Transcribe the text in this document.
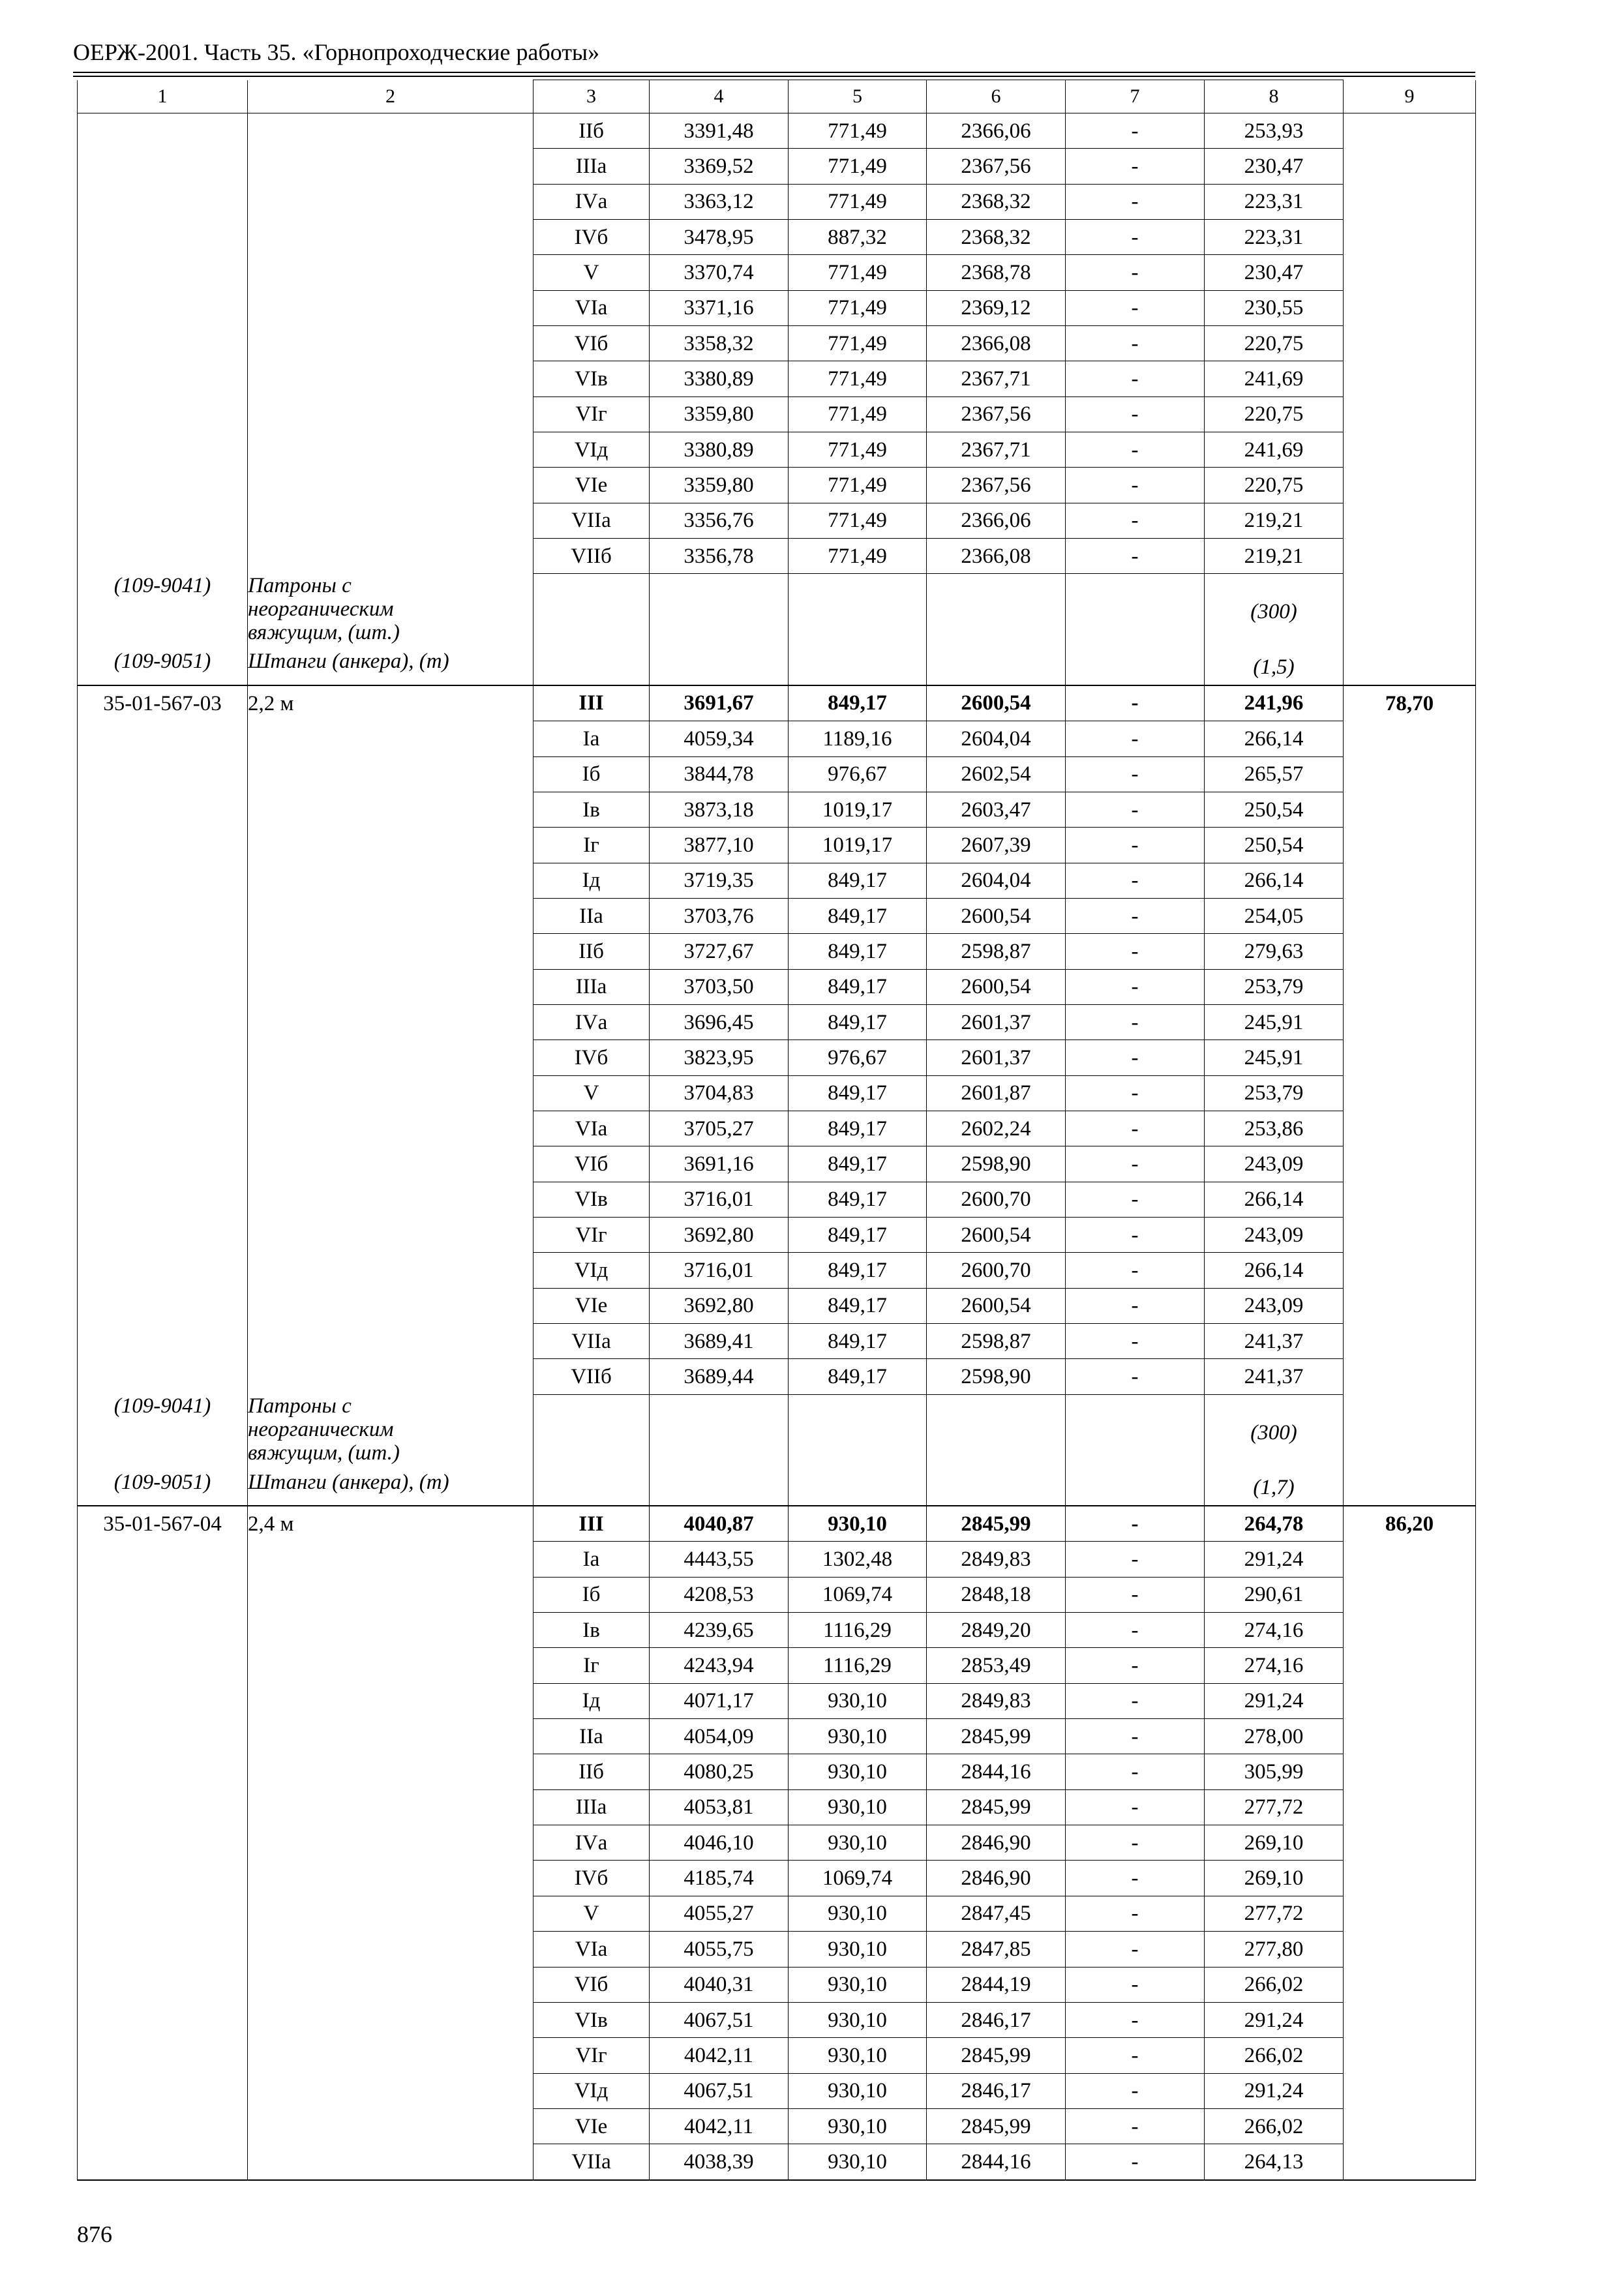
ОЕРЖ-2001. Часть 35. «Горнопроходческие работы»
1	2	3	4	5	6	7	8	9
		IIб	3391,48	771,49	2366,06	-	253,93	
		IIIа	3369,52	771,49	2367,56	-	230,47	
		IVа	3363,12	771,49	2368,32	-	223,31	
		IVб	3478,95	887,32	2368,32	-	223,31	
		V	3370,74	771,49	2368,78	-	230,47	
		VIа	3371,16	771,49	2369,12	-	230,55	
		VIб	3358,32	771,49	2366,08	-	220,75	
		VIв	3380,89	771,49	2367,71	-	241,69	
		VIг	3359,80	771,49	2367,56	-	220,75	
		VIд	3380,89	771,49	2367,71	-	241,69	
		VIе	3359,80	771,49	2367,56	-	220,75	
		VIIа	3356,76	771,49	2366,06	-	219,21	
		VIIб	3356,78	771,49	2366,08	-	219,21	
(109-9041)	Патроны с
неорганическим
вяжущим, (шт.)						(300)	
(109-9051)	Штанги (анкера), (т)						(1,5)	
35-01-567-03	2,2 м	III	3691,67	849,17	2600,54	-	241,96	78,70
		Iа	4059,34	1189,16	2604,04	-	266,14	
		Iб	3844,78	976,67	2602,54	-	265,57	
		Iв	3873,18	1019,17	2603,47	-	250,54	
		Iг	3877,10	1019,17	2607,39	-	250,54	
		Iд	3719,35	849,17	2604,04	-	266,14	
		IIа	3703,76	849,17	2600,54	-	254,05	
		IIб	3727,67	849,17	2598,87	-	279,63	
		IIIа	3703,50	849,17	2600,54	-	253,79	
		IVа	3696,45	849,17	2601,37	-	245,91	
		IVб	3823,95	976,67	2601,37	-	245,91	
		V	3704,83	849,17	2601,87	-	253,79	
		VIа	3705,27	849,17	2602,24	-	253,86	
		VIб	3691,16	849,17	2598,90	-	243,09	
		VIв	3716,01	849,17	2600,70	-	266,14	
		VIг	3692,80	849,17	2600,54	-	243,09	
		VIд	3716,01	849,17	2600,70	-	266,14	
		VIе	3692,80	849,17	2600,54	-	243,09	
		VIIа	3689,41	849,17	2598,87	-	241,37	
		VIIб	3689,44	849,17	2598,90	-	241,37	
(109-9041)	Патроны с
неорганическим
вяжущим, (шт.)						(300)	
(109-9051)	Штанги (анкера), (т)						(1,7)	
35-01-567-04	2,4 м	III	4040,87	930,10	2845,99	-	264,78	86,20
		Iа	4443,55	1302,48	2849,83	-	291,24	
		Iб	4208,53	1069,74	2848,18	-	290,61	
		Iв	4239,65	1116,29	2849,20	-	274,16	
		Iг	4243,94	1116,29	2853,49	-	274,16	
		Iд	4071,17	930,10	2849,83	-	291,24	
		IIа	4054,09	930,10	2845,99	-	278,00	
		IIб	4080,25	930,10	2844,16	-	305,99	
		IIIа	4053,81	930,10	2845,99	-	277,72	
		IVа	4046,10	930,10	2846,90	-	269,10	
		IVб	4185,74	1069,74	2846,90	-	269,10	
		V	4055,27	930,10	2847,45	-	277,72	
		VIа	4055,75	930,10	2847,85	-	277,80	
		VIб	4040,31	930,10	2844,19	-	266,02	
		VIв	4067,51	930,10	2846,17	-	291,24	
		VIг	4042,11	930,10	2845,99	-	266,02	
		VIд	4067,51	930,10	2846,17	-	291,24	
		VIе	4042,11	930,10	2845,99	-	266,02	
		VIIа	4038,39	930,10	2844,16	-	264,13	
876
